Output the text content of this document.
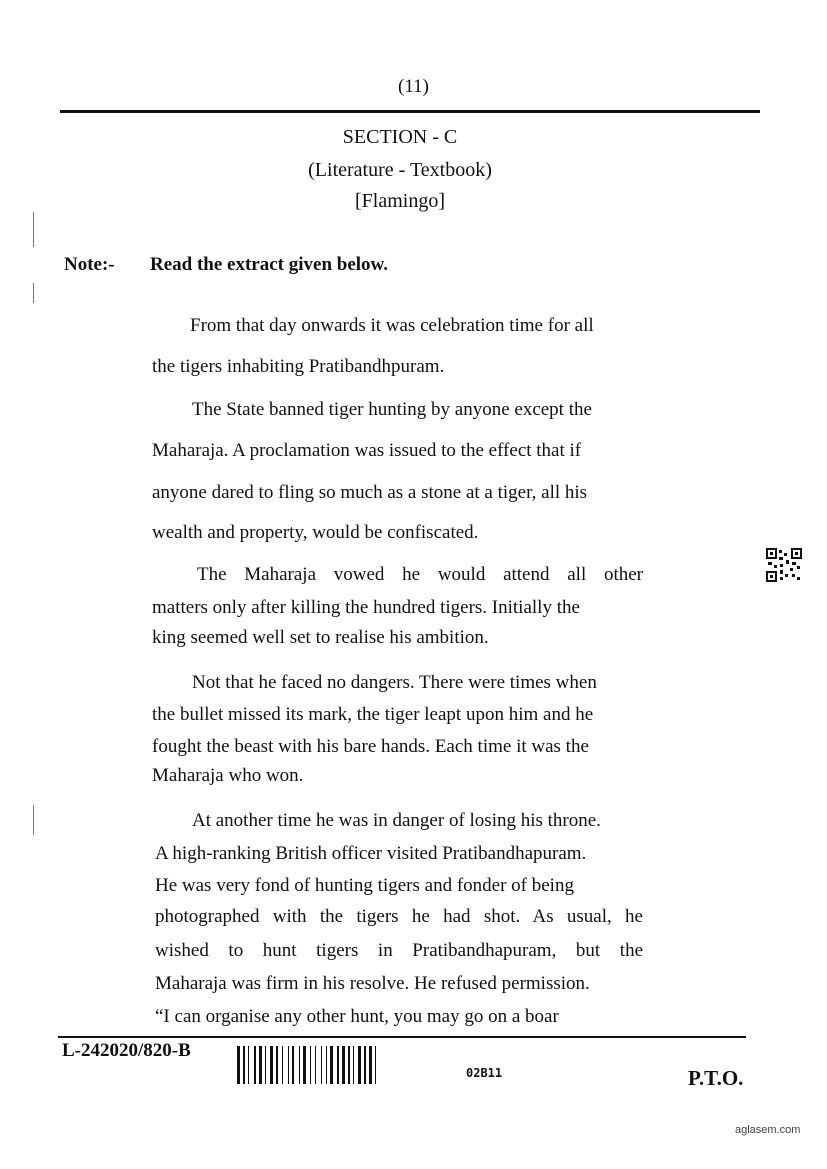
(11)
SECTION - C
(Literature - Textbook)
[Flamingo]
Note:- Read the extract given below.
From that day onwards it was celebration time for all
the tigers inhabiting Pratibandhpuram.
The State banned tiger hunting by anyone except the
Maharaja. A proclamation was issued to the effect that if
anyone dared to fling so much as a stone at a tiger, all his
wealth and property, would be confiscated.
The Maharaja vowed he would attend all other
matters only after killing the hundred tigers. Initially the
king seemed well set to realise his ambition.
Not that he faced no dangers. There were times when
the bullet missed its mark, the tiger leapt upon him and he
fought the beast with his bare hands. Each time it was the
Maharaja who won.
At another time he was in danger of losing his throne.
A high-ranking British officer visited Pratibandhapuram.
He was very fond of hunting tigers and fonder of being
photographed with the tigers he had shot. As usual, he
wished to hunt tigers in Pratibandhapuram, but the
Maharaja was firm in his resolve. He refused permission.
“I can organise any other hunt, you may go on a boar
L-242020/820-B
02B11	P.T.O.
aglasem.com
